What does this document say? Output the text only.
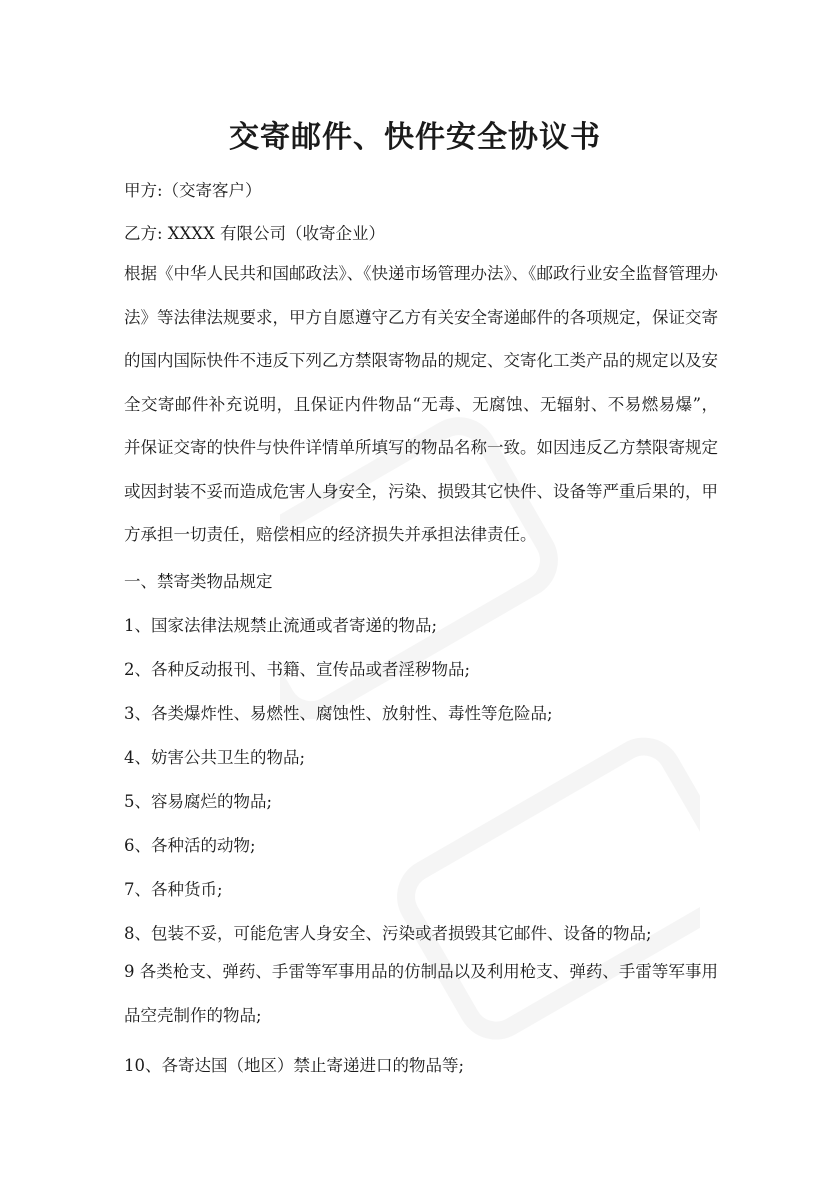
交寄邮件、快件安全协议书
甲方:（交寄客户）
乙方: XXXX 有限公司（收寄企业）
根据《中华人民共和国邮政法》、《快递市场管理办法》、《邮政行业安全监督管理办法》等法律法规要求，甲方自愿遵守乙方有关安全寄递邮件的各项规定，保证交寄的国内国际快件不违反下列乙方禁限寄物品的规定、交寄化工类产品的规定以及安全交寄邮件补充说明，且保证内件物品“无毒、无腐蚀、无辐射、不易燃易爆”，并保证交寄的快件与快件详情单所填写的物品名称一致。如因违反乙方禁限寄规定或因封装不妥而造成危害人身安全，污染、损毁其它快件、设备等严重后果的，甲方承担一切责任，赔偿相应的经济损失并承担法律责任。
一、禁寄类物品规定
1、国家法律法规禁止流通或者寄递的物品;
2、各种反动报刊、书籍、宣传品或者淫秽物品;
3、各类爆炸性、易燃性、腐蚀性、放射性、毒性等危险品;
4、妨害公共卫生的物品;
5、容易腐烂的物品;
6、各种活的动物;
7、各种货币;
8、包装不妥，可能危害人身安全、污染或者损毁其它邮件、设备的物品;
9 各类枪支、弹药、手雷等军事用品的仿制品以及利用枪支、弹药、手雷等军事用品空壳制作的物品;
10、各寄达国（地区）禁止寄递进口的物品等;
